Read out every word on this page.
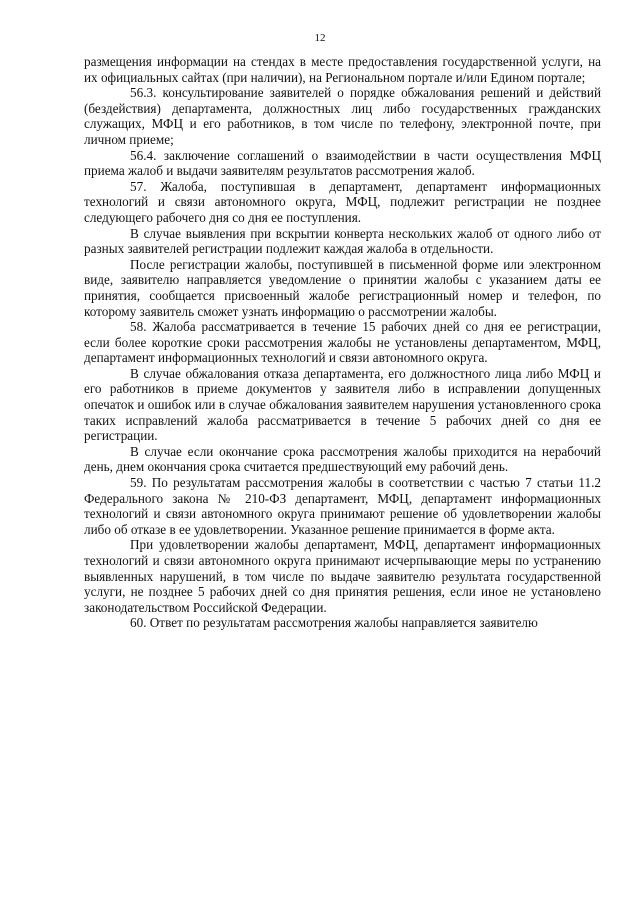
12

размещения информации на стендах в месте предоставления государственной услуги, на их официальных сайтах (при наличии), на Региональном портале и/или Едином портале;

56.3. консультирование заявителей о порядке обжалования решений и действий (бездействия) департамента, должностных лиц либо государственных гражданских служащих, МФЦ и его работников, в том числе по телефону, электронной почте, при личном приеме;

56.4. заключение соглашений о взаимодействии в части осуществления МФЦ приема жалоб и выдачи заявителям результатов рассмотрения жалоб.

57. Жалоба, поступившая в департамент, департамент информационных технологий и связи автономного округа, МФЦ, подлежит регистрации не позднее следующего рабочего дня со дня ее поступления.

В случае выявления при вскрытии конверта нескольких жалоб от одного либо от разных заявителей регистрации подлежит каждая жалоба в отдельности.

После регистрации жалобы, поступившей в письменной форме или электронном виде, заявителю направляется уведомление о принятии жалобы с указанием даты ее принятия, сообщается присвоенный жалобе регистрационный номер и телефон, по которому заявитель сможет узнать информацию о рассмотрении жалобы.

58. Жалоба рассматривается в течение 15 рабочих дней со дня ее регистрации, если более короткие сроки рассмотрения жалобы не установлены департаментом, МФЦ, департамент информационных технологий и связи автономного округа.

В случае обжалования отказа департамента, его должностного лица либо МФЦ и его работников в приеме документов у заявителя либо в исправлении допущенных опечаток и ошибок или в случае обжалования заявителем нарушения установленного срока таких исправлений жалоба рассматривается в течение 5 рабочих дней со дня ее регистрации.

В случае если окончание срока рассмотрения жалобы приходится на нерабочий день, днем окончания срока считается предшествующий ему рабочий день.

59. По результатам рассмотрения жалобы в соответствии с частью 7 статьи 11.2 Федерального закона № 210-ФЗ департамент, МФЦ, департамент информационных технологий и связи автономного округа принимают решение об удовлетворении жалобы либо об отказе в ее удовлетворении. Указанное решение принимается в форме акта.

При удовлетворении жалобы департамент, МФЦ, департамент информационных технологий и связи автономного округа принимают исчерпывающие меры по устранению выявленных нарушений, в том числе по выдаче заявителю результата государственной услуги, не позднее 5 рабочих дней со дня принятия решения, если иное не установлено законодательством Российской Федерации.

60. Ответ по результатам рассмотрения жалобы направляется заявителю
